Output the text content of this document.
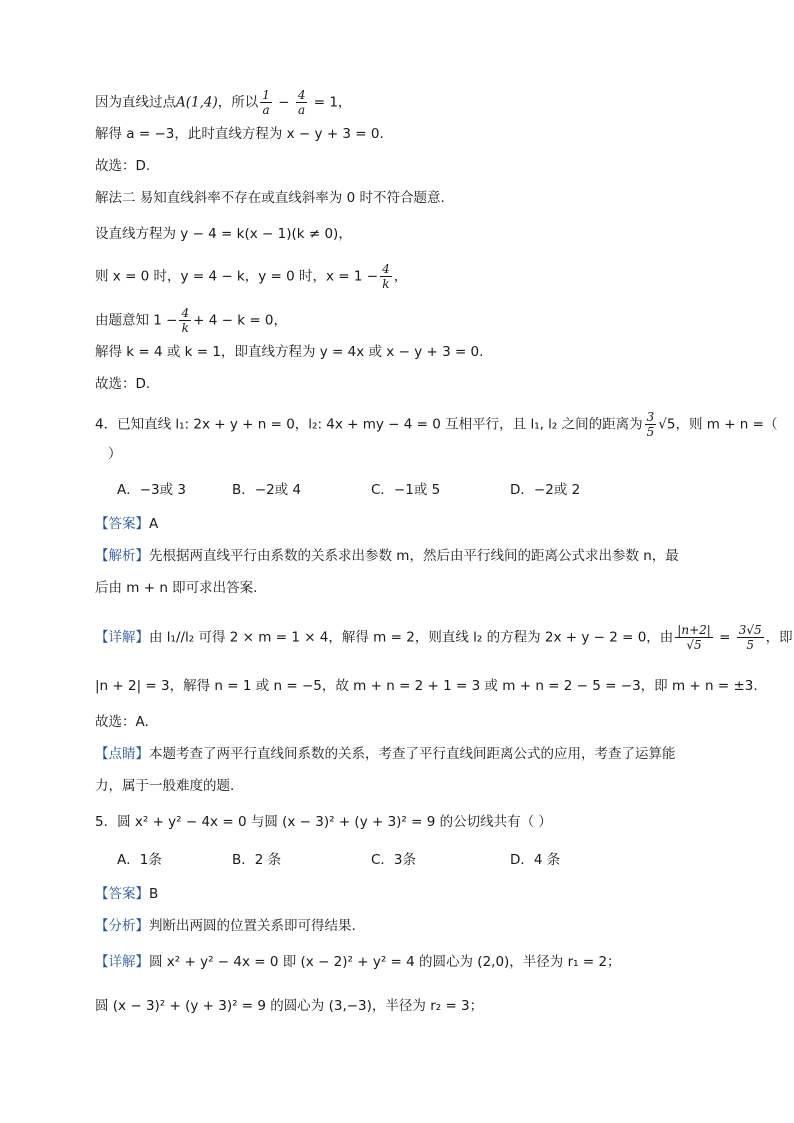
因为直线过点A(1,4)，所以 $\frac{1}{a} - \frac{4}{a} = 1$，
解得 a = −3，此时直线方程为 x − y + 3 = 0.
故选：D.
解法二 易知直线斜率不存在或直线斜率为 0 时不符合题意.
设直线方程为 y − 4 = k(x − 1)(k ≠ 0)，
则 x = 0 时，y = 4 − k，y = 0 时，$x = 1 - \frac{4}{k}$ ，
由题意知 $1 - \frac{4}{k} + 4 - k = 0$，
解得 k = 4 或 k = 1，即直线方程为 y = 4x 或 x − y + 3 = 0.
故选：D.
4．已知直线 l₁: 2x + y + n = 0，l₂: 4x + my − 4 = 0 互相平行，且 l₁, l₂ 之间的距离为 $\frac{3}{5} √5$，则 m + n =（
）
A．−3或 3	B．−2或 4	C．−1或 5	D．−2或 2
【答案】A
【解析】先根据两直线平行由系数的关系求出参数 m，然后由平行线间的距离公式求出参数 n，最
后由 m + n 即可求出答案.
【详解】由 l₁//l₂ 可得 2 × m = 1 × 4，解得 m = 2，则直线 l₂ 的方程为 2x + y − 2 = 0，由 $\frac{|n+2|}{√5} = \frac{3√5}{5}$ ，即
|n + 2| = 3，解得 n = 1 或 n = −5，故 m + n = 2 + 1 = 3 或 m + n = 2 − 5 = −3，即 m + n = ±3.
故选：A.
【点睛】本题考查了两平行直线间系数的关系，考查了平行直线间距离公式的应用，考查了运算能
力，属于一般难度的题.
5．圆 x² + y² − 4x = 0 与圆 (x − 3)² + (y + 3)² = 9 的公切线共有（ ）
A．1条	B．2 条	C．3条	D．4 条
【答案】B
【分析】判断出两圆的位置关系即可得结果.
【详解】圆 x² + y² − 4x = 0 即 (x − 2)² + y² = 4 的圆心为 (2,0)，半径为 r₁ = 2；
圆 (x − 3)² + (y + 3)² = 9 的圆心为 (3,−3)，半径为 r₂ = 3；
